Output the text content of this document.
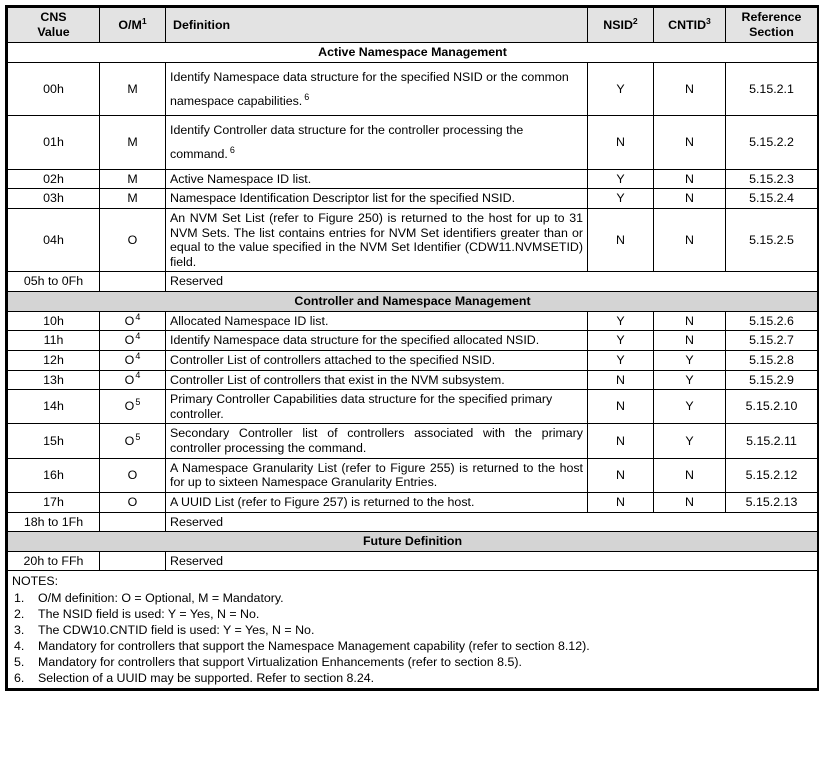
CNS
Value	$O/M^1$	Definition	NSID$^2$	CNTID$^3$	Reference
Section
Active Namespace Management					
00h	M	Identify Namespace data structure for the specified NSID or the common namespace capabilities. $^6$	Y	N	5.15.2.1
01h	M	Identify Controller data structure for the controller processing the command. $^6$	N	N	5.15.2.2
02h	M	Active Namespace ID list.	Y	N	5.15.2.3
03h	M	Namespace Identification Descriptor list for the specified NSID.	Y	N	5.15.2.4
04h	O	An NVM Set List (refer to Figure 250) is returned to the host for up to 31 NVM Sets. The list contains entries for NVM Set identifiers greater than or equal to the value specified in the NVM Set Identifier (CDW11.NVMSETID) field.	N	N	5.15.2.5
05h to 0Fh		Reserved			
Controller and Namespace Management					
10h	$O^4$	Allocated Namespace ID list.	Y	N	5.15.2.6
11h	$O^4$	Identify Namespace data structure for the specified allocated NSID.	Y	N	5.15.2.7
12h	$O^4$	Controller List of controllers attached to the specified NSID.	Y	Y	5.15.2.8
13h	$O^4$	Controller List of controllers that exist in the NVM subsystem.	N	Y	5.15.2.9
14h	$O^5$	Primary Controller Capabilities data structure for the specified primary controller.	N	Y	5.15.2.10
15h	$O^5$	Secondary Controller list of controllers associated with the primary controller processing the command.	N	Y	5.15.2.11
16h	O	A Namespace Granularity List (refer to Figure 255) is returned to the host for up to sixteen Namespace Granularity Entries.	N	N	5.15.2.12
17h	O	A UUID List (refer to Figure 257) is returned to the host.	N	N	5.15.2.13
18h to 1Fh		Reserved			
Future Definition					
20h to FFh		Reserved			

NOTES:
1.	O/M definition: O = Optional, M = Mandatory.
2.	The NSID field is used: Y = Yes, N = No.
3.	The CDW10.CNTID field is used: Y = Yes, N = No.
4.	Mandatory for controllers that support the Namespace Management capability (refer to section 8.12).
5.	Mandatory for controllers that support Virtualization Enhancements (refer to section 8.5).
6.	Selection of a UUID may be supported. Refer to section 8.24.
